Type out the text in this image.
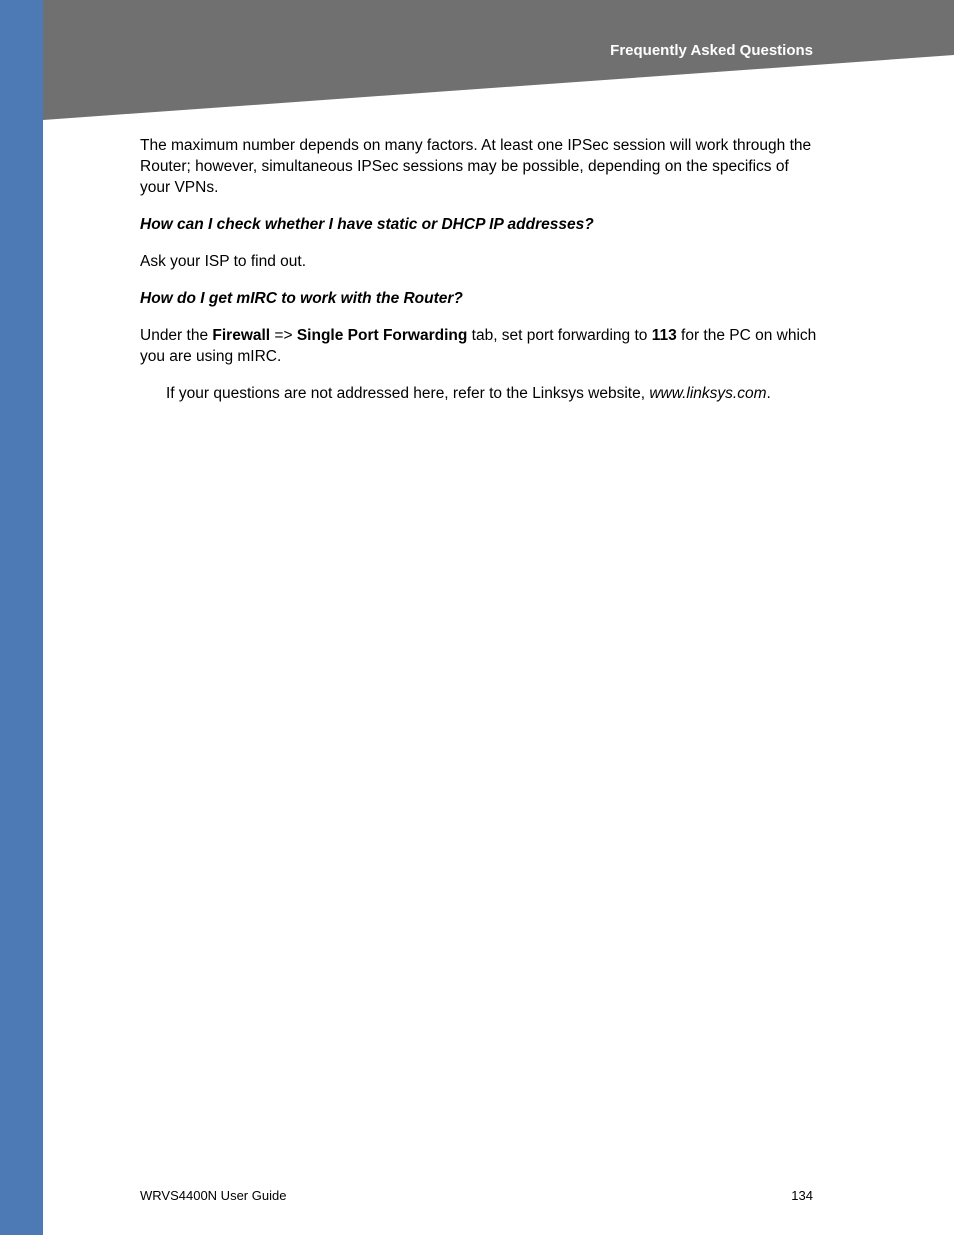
Frequently Asked Questions

The maximum number depends on many factors. At least one IPSec session will work through the Router; however, simultaneous IPSec sessions may be possible, depending on the specifics of your VPNs.

How can I check whether I have static or DHCP IP addresses?

Ask your ISP to find out.

How do I get mIRC to work with the Router?

Under the Firewall => Single Port Forwarding tab, set port forwarding to 113 for the PC on which you are using mIRC.

If your questions are not addressed here, refer to the Linksys website, www.linksys.com.

WRVS4400N User Guide	134
